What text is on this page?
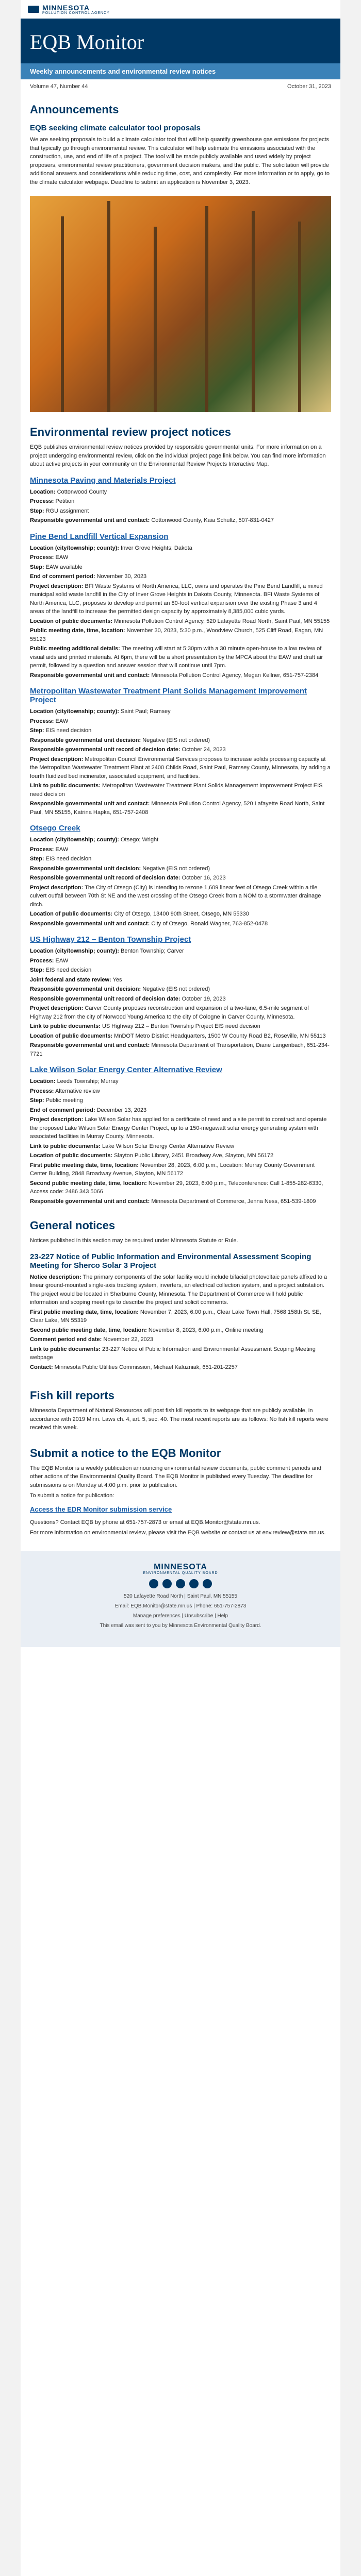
MINNESOTA
POLLUTION CONTROL AGENCY
EQB Monitor
Weekly announcements and environmental review notices
Volume 47, Number 44	October 31, 2023
Announcements
EQB seeking climate calculator tool proposals

We are seeking proposals to build a climate calculator tool that will help quantify greenhouse gas emissions for projects that typically go through environmental review. This calculator will help estimate the emissions associated with the construction, use, and end of life of a project. The tool will be made publicly available and used widely by project proposers, environmental review practitioners, government decision makers, and the public. The solicitation will provide additional answers and considerations while reducing time, cost, and complexity. For more information or to apply, go to the climate calculator webpage. Deadline to submit an application is November 3, 2023.

Environmental review project notices

EQB publishes environmental review notices provided by responsible governmental units. For more information on a project undergoing environmental review, click on the individual project page link below. You can find more information about active projects in your community on the Environmental Review Projects Interactive Map.

Minnesota Paving and Materials Project
Location: Cottonwood County
Process: Petition
Step: RGU assignment
Responsible governmental unit and contact: Cottonwood County, Kaia Schultz, 507-831-0427
Pine Bend Landfill Vertical Expansion
Location (city/township; county): Inver Grove Heights; Dakota
Process: EAW
Step: EAW available
End of comment period: November 30, 2023
Project description: BFI Waste Systems of North America, LLC, owns and operates the Pine Bend Landfill, a mixed municipal solid waste landfill in the City of Inver Grove Heights in Dakota County, Minnesota. BFI Waste Systems of North America, LLC, proposes to develop and permit an 80-foot vertical expansion over the existing Phase 3 and 4 areas of the landfill to increase the permitted design capacity by approximately 8,385,000 cubic yards.
Location of public documents: Minnesota Pollution Control Agency, 520 Lafayette Road North, Saint Paul, MN 55155
Public meeting date, time, location: November 30, 2023, 5:30 p.m., Woodview Church, 525 Cliff Road, Eagan, MN 55123
Public meeting additional details: The meeting will start at 5:30pm with a 30 minute open-house to allow review of visual aids and printed materials. At 6pm, there will be a short presentation by the MPCA about the EAW and draft air permit, followed by a question and answer session that will continue until 7pm.
Responsible governmental unit and contact: Minnesota Pollution Control Agency, Megan Kellner, 651-757-2384
Metropolitan Wastewater Treatment Plant Solids Management Improvement Project
Location (city/township; county): Saint Paul; Ramsey
Process: EAW
Step: EIS need decision
Responsible governmental unit decision: Negative (EIS not ordered)
Responsible governmental unit record of decision date: October 24, 2023
Project description: Metropolitan Council Environmental Services proposes to increase solids processing capacity at the Metropolitan Wastewater Treatment Plant at 2400 Childs Road, Saint Paul, Ramsey County, Minnesota, by adding a fourth fluidized bed incinerator, associated equipment, and facilities.
Link to public documents: Metropolitan Wastewater Treatment Plant Solids Management Improvement Project EIS need decision
Responsible governmental unit and contact: Minnesota Pollution Control Agency, 520 Lafayette Road North, Saint Paul, MN 55155, Katrina Hapka, 651-757-2408
Otsego Creek
Location (city/township; county): Otsego; Wright
Process: EAW
Step: EIS need decision
Responsible governmental unit decision: Negative (EIS not ordered)
Responsible governmental unit record of decision date: October 16, 2023
Project description: The City of Otsego (City) is intending to rezone 1,609 linear feet of Otsego Creek within a tile culvert outfall between 70th St NE and the west crossing of the Otsego Creek from a NOM to a stormwater drainage ditch.
Location of public documents: City of Otsego, 13400 90th Street, Otsego, MN 55330
Responsible governmental unit and contact: City of Otsego, Ronald Wagner, 763-852-0478
US Highway 212 – Benton Township Project
Location (city/township; county): Benton Township; Carver
Process: EAW
Step: EIS need decision
Joint federal and state review: Yes
Responsible governmental unit decision: Negative (EIS not ordered)
Responsible governmental unit record of decision date: October 19, 2023
Project description: Carver County proposes reconstruction and expansion of a two-lane, 6.5-mile segment of Highway 212 from the city of Norwood Young America to the city of Cologne in Carver County, Minnesota.
Link to public documents: US Highway 212 – Benton Township Project EIS need decision
Location of public documents: MnDOT Metro District Headquarters, 1500 W County Road B2, Roseville, MN 55113
Responsible governmental unit and contact: Minnesota Department of Transportation, Diane Langenbach, 651-234-7721
Lake Wilson Solar Energy Center Alternative Review
Location: Leeds Township; Murray
Process: Alternative review
Step: Public meeting
End of comment period: December 13, 2023
Project description: Lake Wilson Solar has applied for a certificate of need and a site permit to construct and operate the proposed Lake Wilson Solar Energy Center Project, up to a 150-megawatt solar energy generating system with associated facilities in Murray County, Minnesota.
Link to public documents: Lake Wilson Solar Energy Center Alternative Review
Location of public documents: Slayton Public Library, 2451 Broadway Ave, Slayton, MN 56172
First public meeting date, time, location: November 28, 2023, 6:00 p.m., Location: Murray County Government Center Building, 2848 Broadway Avenue, Slayton, MN 56172
Second public meeting date, time, location: November 29, 2023, 6:00 p.m., Teleconference: Call 1-855-282-6330, Access code: 2486 343 5066
Responsible governmental unit and contact: Minnesota Department of Commerce, Jenna Ness, 651-539-1809
General notices

Notices published in this section may be required under Minnesota Statute or Rule.

23-227 Notice of Public Information and Environmental Assessment Scoping Meeting for Sherco Solar 3 Project
Notice description: The primary components of the solar facility would include bifacial photovoltaic panels affixed to a linear ground-mounted single-axis tracking system, inverters, an electrical collection system, and a project substation. The project would be located in Sherburne County, Minnesota. The Department of Commerce will hold public information and scoping meetings to describe the project and solicit comments.
First public meeting date, time, location: November 7, 2023, 6:00 p.m., Clear Lake Town Hall, 7568 158th St. SE, Clear Lake, MN 55319
Second public meeting date, time, location: November 8, 2023, 6:00 p.m., Online meeting
Comment period end date: November 22, 2023
Link to public documents: 23-227 Notice of Public Information and Environmental Assessment Scoping Meeting webpage
Contact: Minnesota Public Utilities Commission, Michael Kaluzniak, 651-201-2257
Fish kill reports

Minnesota Department of Natural Resources will post fish kill reports to its webpage that are publicly available, in accordance with 2019 Minn. Laws ch. 4, art. 5, sec. 40. The most recent reports are as follows: No fish kill reports were received this week.

Submit a notice to the EQB Monitor

The EQB Monitor is a weekly publication announcing environmental review documents, public comment periods and other actions of the Environmental Quality Board. The EQB Monitor is published every Tuesday. The deadline for submissions is on Monday at 4:00 p.m. prior to publication.

To submit a notice for publication:

Access the EDR Monitor submission service

Questions? Contact EQB by phone at 651-757-2873 or email at EQB.Monitor@state.mn.us.

For more information on environmental review, please visit the EQB website or contact us at env.review@state.mn.us.

MINNESOTA
ENVIRONMENTAL QUALITY BOARD

520 Lafayette Road North | Saint Paul, MN 55155

Email: EQB.Monitor@state.mn.us | Phone: 651-757-2873

Manage preferences | Unsubscribe | Help

This email was sent to you by Minnesota Environmental Quality Board.
